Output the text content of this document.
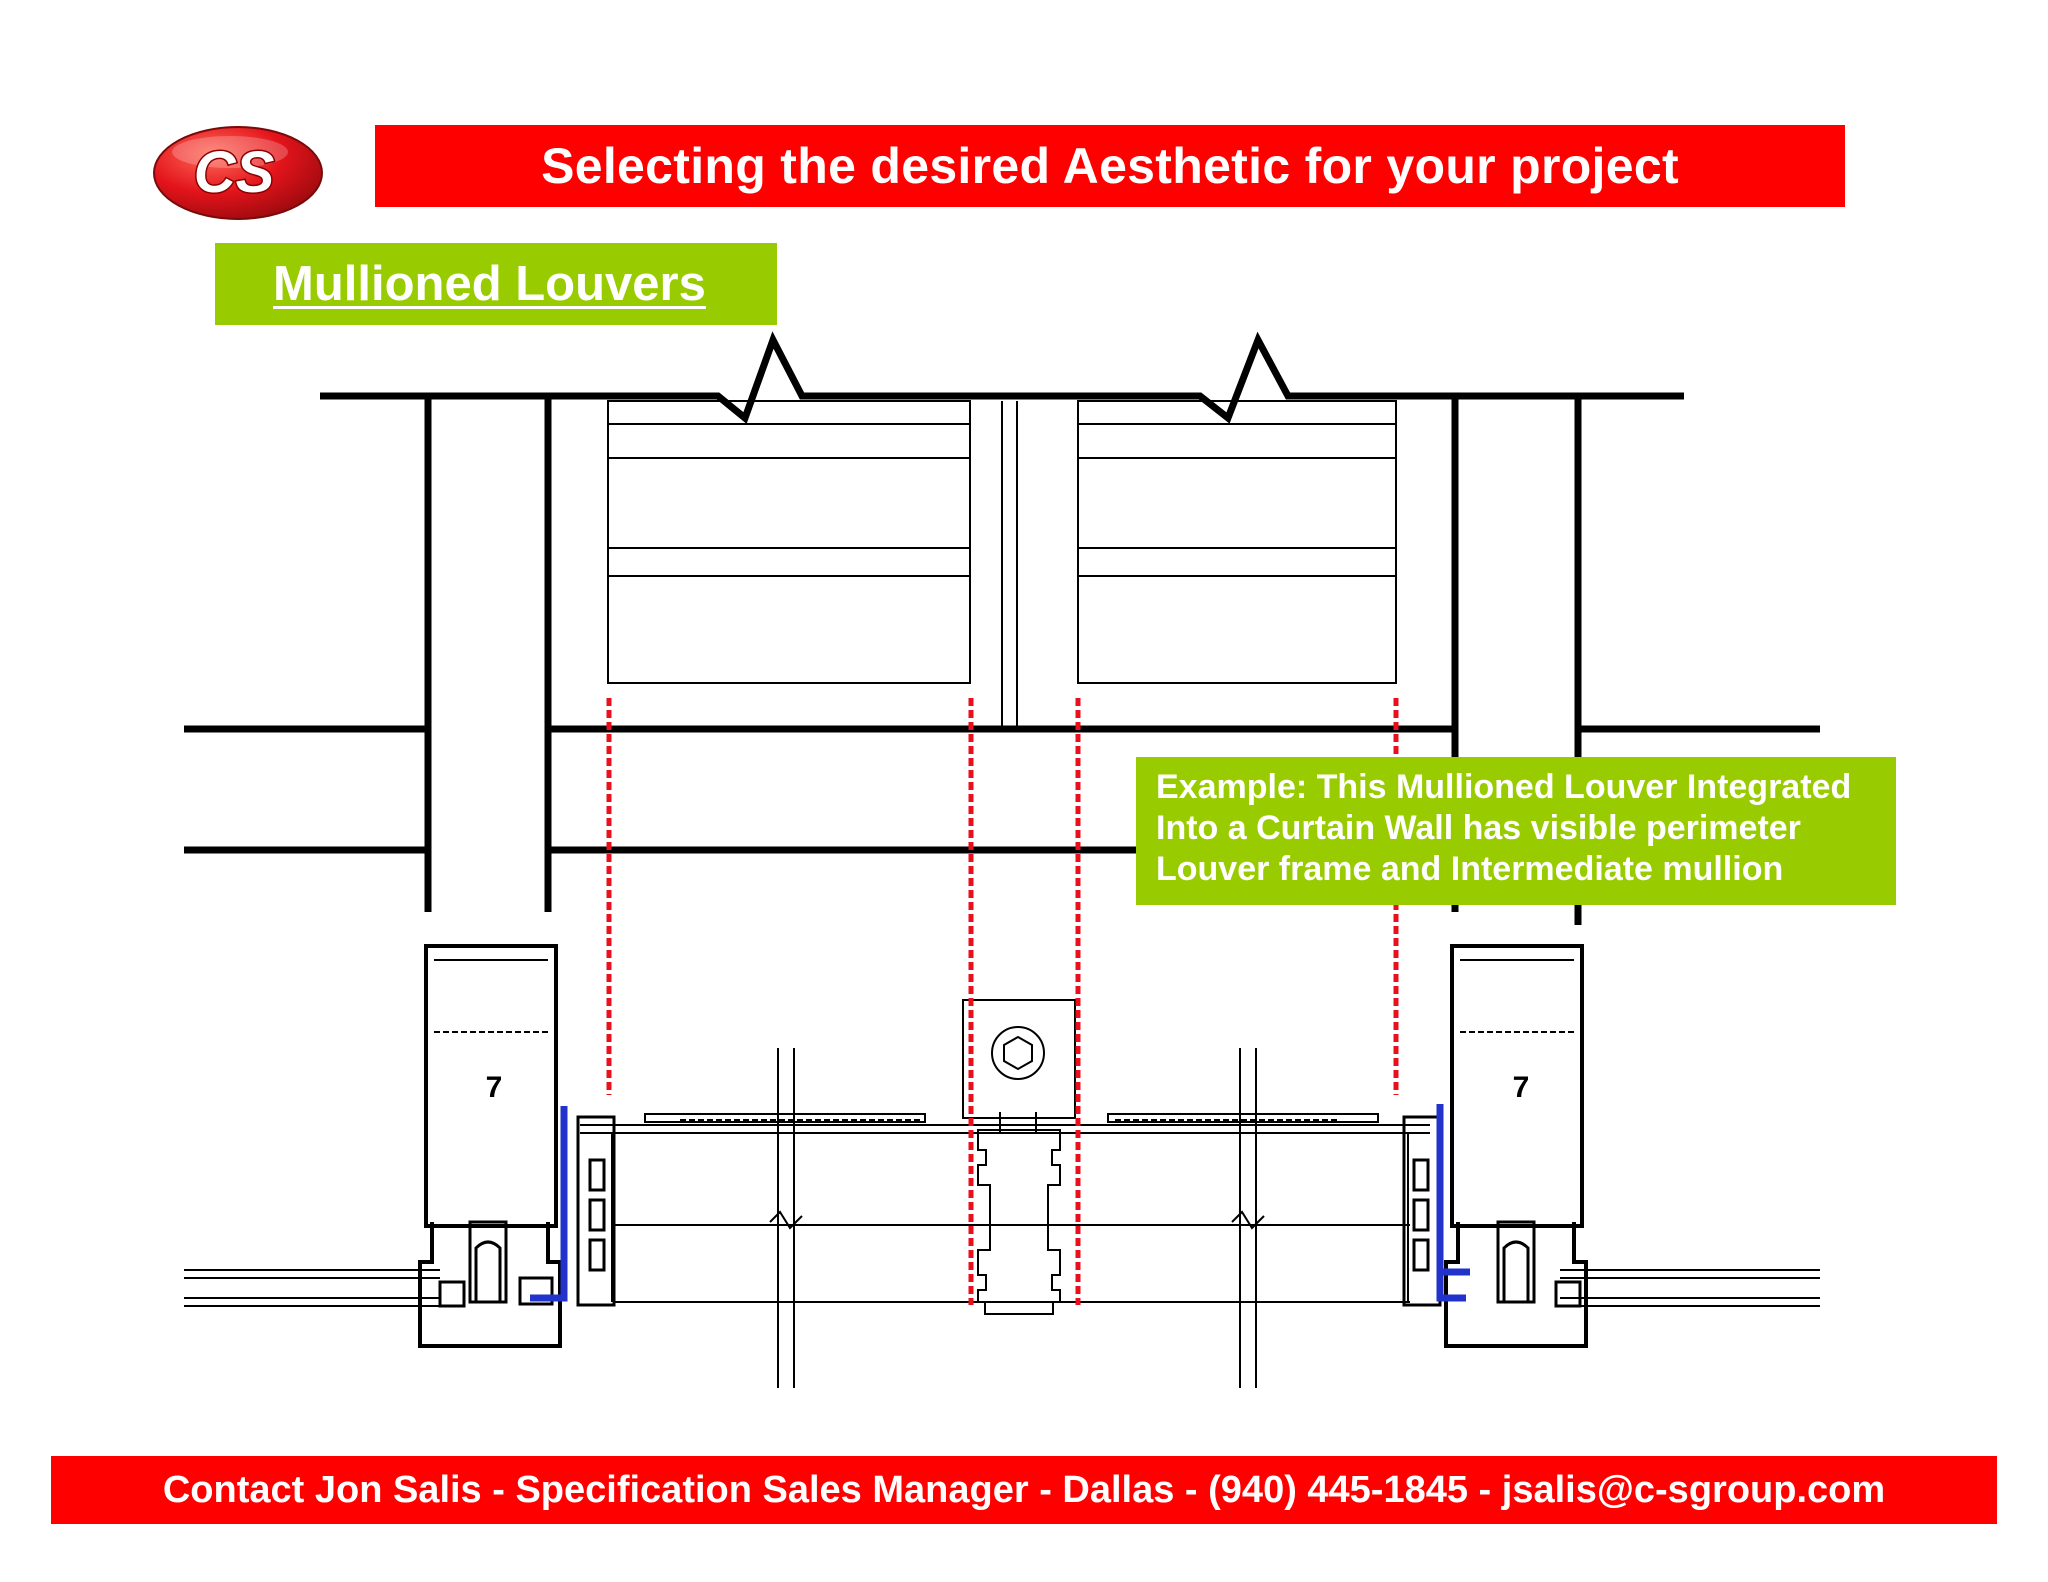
CS	Selecting the desired Aesthetic for your project
Mullioned Louvers
7	7
Example: This Mullioned Louver Integrated
Into a Curtain Wall has visible perimeter
Louver frame and Intermediate mullion
Contact Jon Salis - Specification Sales Manager - Dallas - (940) 445-1845 - jsalis@c-sgroup.com
